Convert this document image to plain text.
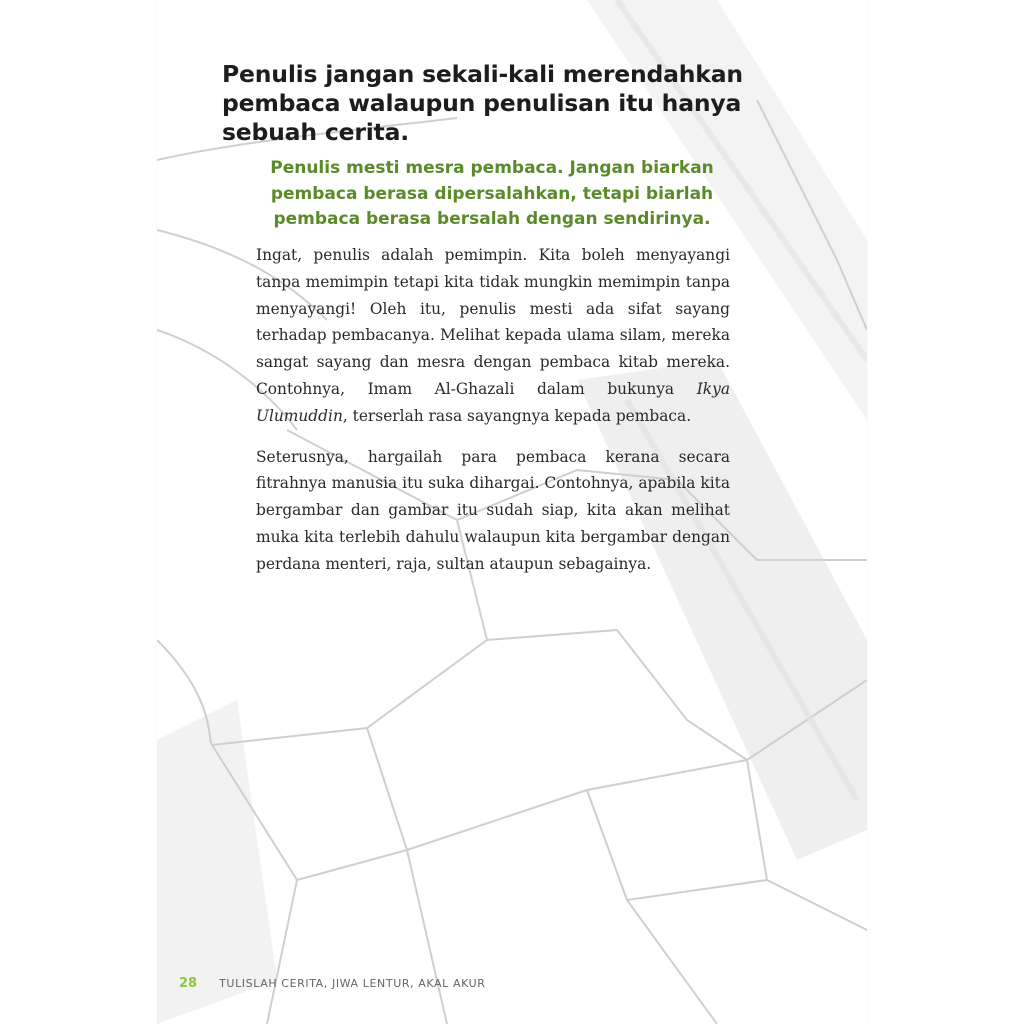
Penulis jangan sekali-kali merendahkan pembaca walaupun penulisan itu hanya sebuah cerita.

Penulis mesti mesra pembaca. Jangan biarkan pembaca berasa dipersalahkan, tetapi biarlah pembaca berasa bersalah dengan sendirinya.

Ingat, penulis adalah pemimpin. Kita boleh menyayangi tanpa memimpin tetapi kita tidak mungkin memimpin tanpa menyayangi! Oleh itu, penulis mesti ada sifat sayang terhadap pembacanya. Melihat kepada ulama silam, mereka sangat sayang dan mesra dengan pembaca kitab mereka. Contohnya, Imam Al-Ghazali dalam bukunya Ikya Ulumuddin, terserlah rasa sayangnya kepada pembaca.

Seterusnya, hargailah para pembaca kerana secara fitrahnya manusia itu suka dihargai. Contohnya, apabila kita bergambar dan gambar itu sudah siap, kita akan melihat muka kita terlebih dahulu walaupun kita bergambar dengan perdana menteri, raja, sultan ataupun sebagainya.

28 TULISLAH CERITA, JIWA LENTUR, AKAL AKUR
